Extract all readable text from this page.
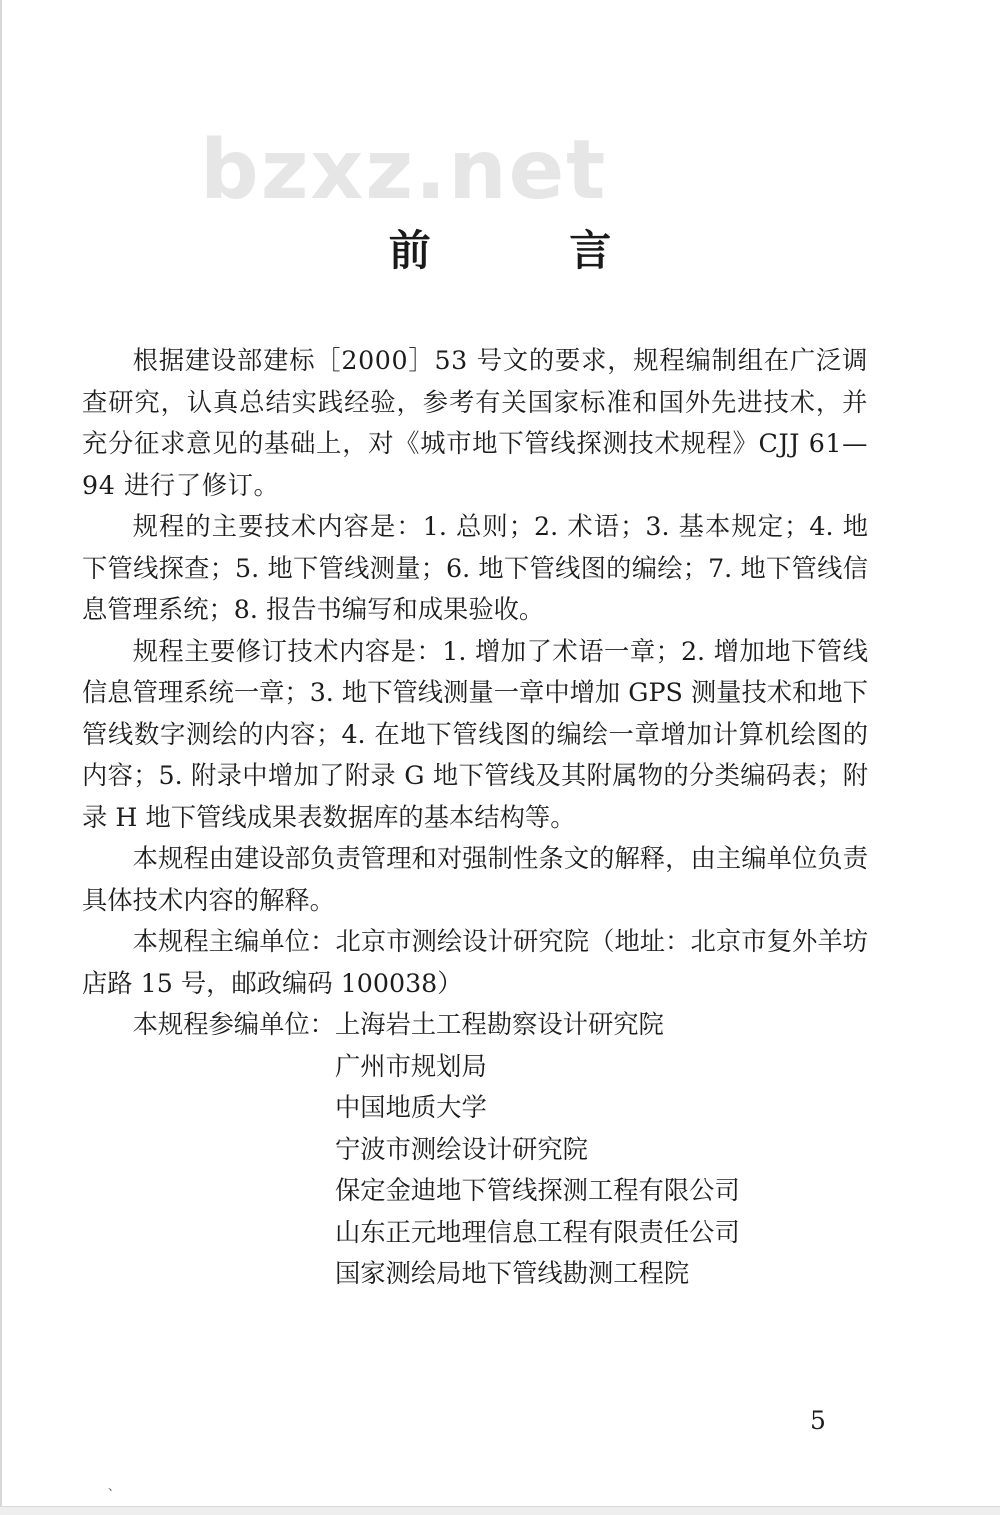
bzxz.net
前 言

根据建设部建标［2000］53 号文的要求，规程编制组在广泛调查研究，认真总结实践经验，参考有关国家标准和国外先进技术，并充分征求意见的基础上，对《城市地下管线探测技术规程》CJJ 61—94 进行了修订。

规程的主要技术内容是：1. 总则；2. 术语；3. 基本规定；4. 地下管线探查；5. 地下管线测量；6. 地下管线图的编绘；7. 地下管线信息管理系统；8. 报告书编写和成果验收。

规程主要修订技术内容是：1. 增加了术语一章；2. 增加地下管线信息管理系统一章；3. 地下管线测量一章中增加 GPS 测量技术和地下管线数字测绘的内容；4. 在地下管线图的编绘一章增加计算机绘图的内容；5. 附录中增加了附录 G 地下管线及其附属物的分类编码表；附录 H 地下管线成果表数据库的基本结构等。

本规程由建设部负责管理和对强制性条文的解释，由主编单位负责具体技术内容的解释。

本规程主编单位：北京市测绘设计研究院（地址：北京市复外羊坊店路 15 号，邮政编码 100038）

本规程参编单位： 上海岩土工程勘察设计研究院
广州市规划局
中国地质大学
宁波市测绘设计研究院
保定金迪地下管线探测工程有限公司
山东正元地理信息工程有限责任公司
国家测绘局地下管线勘测工程院
5
、
